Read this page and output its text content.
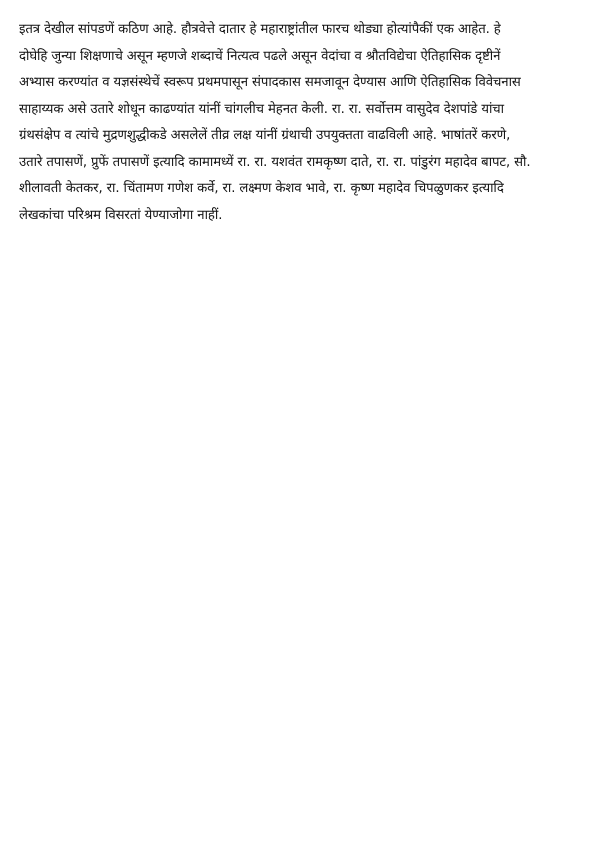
इतत्र देखील सांपडणें कठिण आहे. हौत्रवेत्ते दातार हे महाराष्ट्रांतील फारच थोड्या होत्यांपैकीं एक आहेत. हे
दोघेहि जुन्या शिक्षणाचे असून म्हणजे शब्दाचें नित्यत्व पढले असून वेदांचा व श्रौतविद्येचा ऐतिहासिक दृष्टीनें
अभ्यास करण्यांत व यज्ञसंस्थेचें स्वरूप प्रथमपासून संपादकास समजावून देण्यास आणि ऐतिहासिक विवेचनास
साहाय्यक असे उतारे शोधून काढण्यांत यांनीं चांगलीच मेहनत केली. रा. रा. सर्वोत्तम वासुदेव देशपांडे यांचा
ग्रंथसंक्षेप व त्यांचे मुद्रणशुद्धीकडे असलेलें तीव्र लक्ष यांनीं ग्रंथाची उपयुक्तता वाढविली आहे. भाषांतरें करणे,
उतारे तपासणें, प्रुफें तपासणें इत्यादि कामामध्यें रा. रा. यशवंत रामकृष्ण दाते, रा. रा. पांडुरंग महादेव बापट, सौ.
शीलावती केतकर, रा. चिंतामण गणेश कर्वे, रा. लक्ष्मण केशव भावे, रा. कृष्ण महादेव चिपळुणकर इत्यादि
लेखकांचा परिश्रम विसरतां येण्याजोगा नाहीं.
